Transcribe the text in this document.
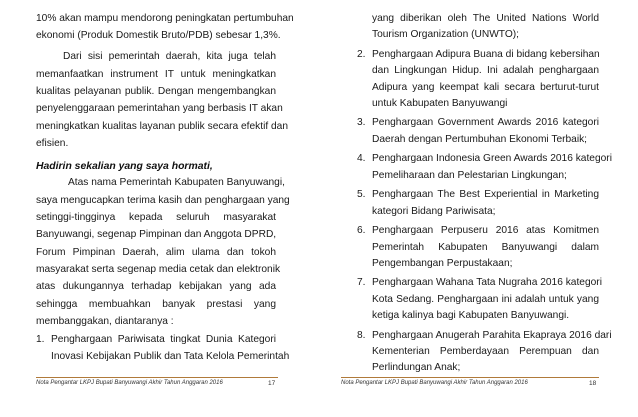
10% akan mampu mendorong peningkatan pertumbuhan
ekonomi (Produk Domestik Bruto/PDB) sebesar 1,3%.
Dari sisi pemerintah daerah, kita juga telah
memanfaatkan instrument IT untuk meningkatkan
kualitas pelayanan publik. Dengan mengembangkan
penyelenggaraan pemerintahan yang berbasis IT akan
meningkatkan kualitas layanan publik secara efektif dan
efisien.
Hadirin sekalian yang saya hormati,
Atas nama Pemerintah Kabupaten Banyuwangi,
saya mengucapkan terima kasih dan penghargaan yang
setinggi-tingginya kepada seluruh masyarakat
Banyuwangi, segenap Pimpinan dan Anggota DPRD,
Forum Pimpinan Daerah, alim ulama dan tokoh
masyarakat serta segenap media cetak dan elektronik
atas dukungannya terhadap kebijakan yang ada
sehingga membuahkan banyak prestasi yang
membanggakan, diantaranya :
1. Penghargaan Pariwisata tingkat Dunia Kategori
Inovasi Kebijakan Publik dan Tata Kelola Pemerintah
Nota Pengantar LKPJ Bupati Banyuwangi Akhir Tahun Anggaran 2016	17
yang diberikan oleh The United Nations World
Tourism Organization (UNWTO);
2. Penghargaan Adipura Buana di bidang kebersihan
dan Lingkungan Hidup. Ini adalah penghargaan
Adipura yang keempat kali secara berturut-turut
untuk Kabupaten Banyuwangi
3. Penghargaan Government Awards 2016 kategori
Daerah dengan Pertumbuhan Ekonomi Terbaik;
4. Penghargaan Indonesia Green Awards 2016 kategori
Pemeliharaan dan Pelestarian Lingkungan;
5. Penghargaan The Best Experiential in Marketing
kategori Bidang Pariwisata;
6. Penghargaan Perpuseru 2016 atas Komitmen
Pemerintah Kabupaten Banyuwangi dalam
Pengembangan Perpustakaan;
7. Penghargaan Wahana Tata Nugraha 2016 kategori
Kota Sedang. Penghargaan ini adalah untuk yang
ketiga kalinya bagi Kabupaten Banyuwangi.
8. Penghargaan Anugerah Parahita Ekapraya 2016 dari
Kementerian Pemberdayaan Perempuan dan
Perlindungan Anak;
Nota Pengantar LKPJ Bupati Banyuwangi Akhir Tahun Anggaran 2016	18
